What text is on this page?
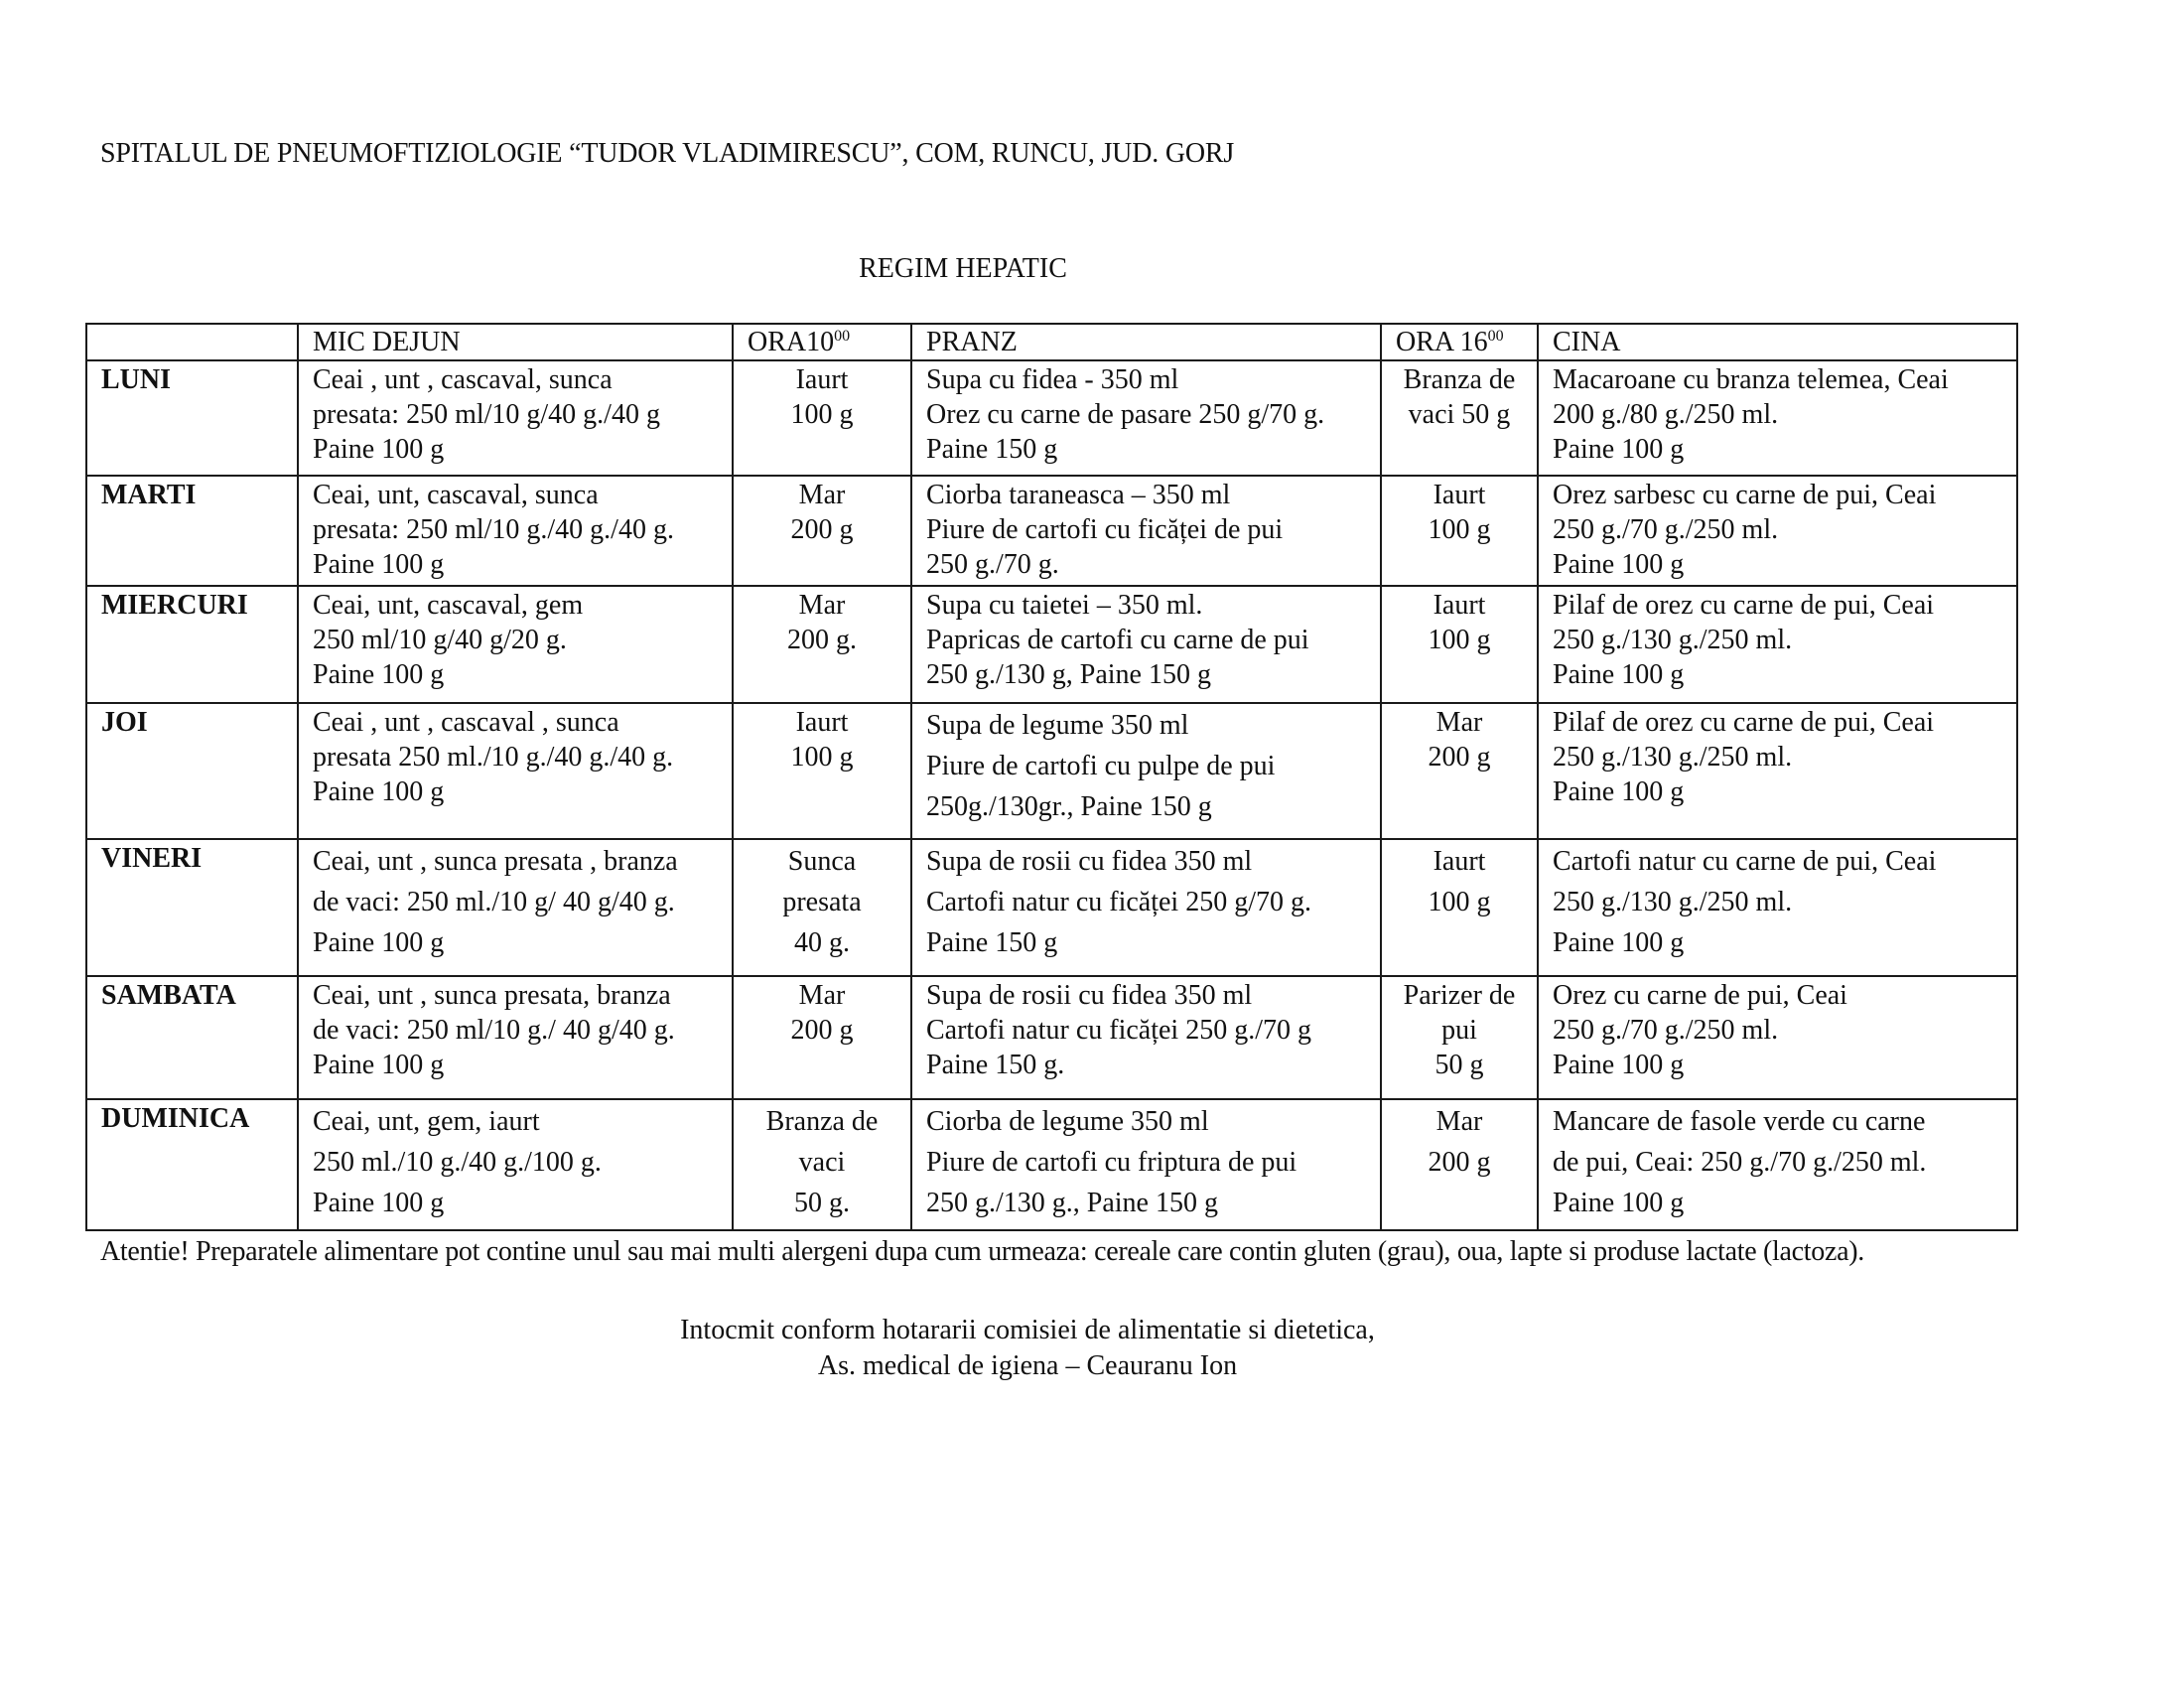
SPITALUL DE PNEUMOFTIZIOLOGIE “TUDOR VLADIMIRESCU”, COM, RUNCU, JUD. GORJ
REGIM HEPATIC
	MIC DEJUN	$ORA10^{00}$	PRANZ	ORA $16^{00}$	CINA
LUNI	Ceai , unt , cascaval, sunca
presata: 250 ml/10 g/40 g./40 g
Paine 100 g	Iaurt
100 g	Supa cu fidea - 350 ml
Orez cu carne de pasare 250 g/70 g.
Paine 150 g	Branza de
vaci 50 g	Macaroane cu branza telemea, Ceai
200 g./80 g./250 ml.
Paine 100 g

MARTI	Ceai, unt, cascaval, sunca
presata: 250 ml/10 g./40 g./40 g.
Paine 100 g	Mar
200 g	Ciorba taraneasca – 350 ml
Piure de cartofi cu ficăței de pui
250 g./70 g.	Iaurt
100 g	Orez sarbesc cu carne de pui, Ceai
250 g./70 g./250 ml.
Paine 100 g

MIERCURI	Ceai, unt, cascaval, gem
250 ml/10 g/40 g/20 g.
Paine 100 g	Mar
200 g.	Supa cu taietei – 350 ml.
Papricas de cartofi cu carne de pui
250 g./130 g, Paine 150 g	Iaurt
100 g	Pilaf de orez cu carne de pui, Ceai
250 g./130 g./250 ml.
Paine 100 g

JOI	Ceai , unt , cascaval , sunca
presata 250 ml./10 g./40 g./40 g.
Paine 100 g	Iaurt
100 g	Supa de legume 350 ml
Piure de cartofi cu pulpe de pui
250g./130gr., Paine 150 g	Mar
200 g	Pilaf de orez cu carne de pui, Ceai
250 g./130 g./250 ml.
Paine 100 g

VINERI	Ceai, unt , sunca presata , branza
de vaci: 250 ml./10 g/ 40 g/40 g.
Paine 100 g	Sunca
presata
40 g.	Supa de rosii cu fidea 350 ml
Cartofi natur cu ficăței 250 g/70 g.
Paine 150 g	Iaurt
100 g	Cartofi natur cu carne de pui, Ceai
250 g./130 g./250 ml.
Paine 100 g

SAMBATA	Ceai, unt , sunca presata, branza
de vaci: 250 ml/10 g./ 40 g/40 g.
Paine 100 g	Mar
200 g	Supa de rosii cu fidea 350 ml
Cartofi natur cu ficăței 250 g./70 g
Paine 150 g.	Parizer de
pui
50 g	Orez cu carne de pui, Ceai
250 g./70 g./250 ml.
Paine 100 g

DUMINICA	Ceai, unt, gem, iaurt
250 ml./10 g./40 g./100 g.
Paine 100 g	Branza de
vaci
50 g.	Ciorba de legume 350 ml
Piure de cartofi cu friptura de pui
250 g./130 g., Paine 150 g	Mar
200 g	Mancare de fasole verde cu carne
de pui, Ceai: 250 g./70 g./250 ml.
Paine 100 g
Atentie! Preparatele alimentare pot contine unul sau mai multi alergeni dupa cum urmeaza: cereale care contin gluten (grau), oua, lapte si produse lactate (lactoza).
Intocmit conform hotararii comisiei de alimentatie si dietetica,
As. medical de igiena – Ceauranu Ion
